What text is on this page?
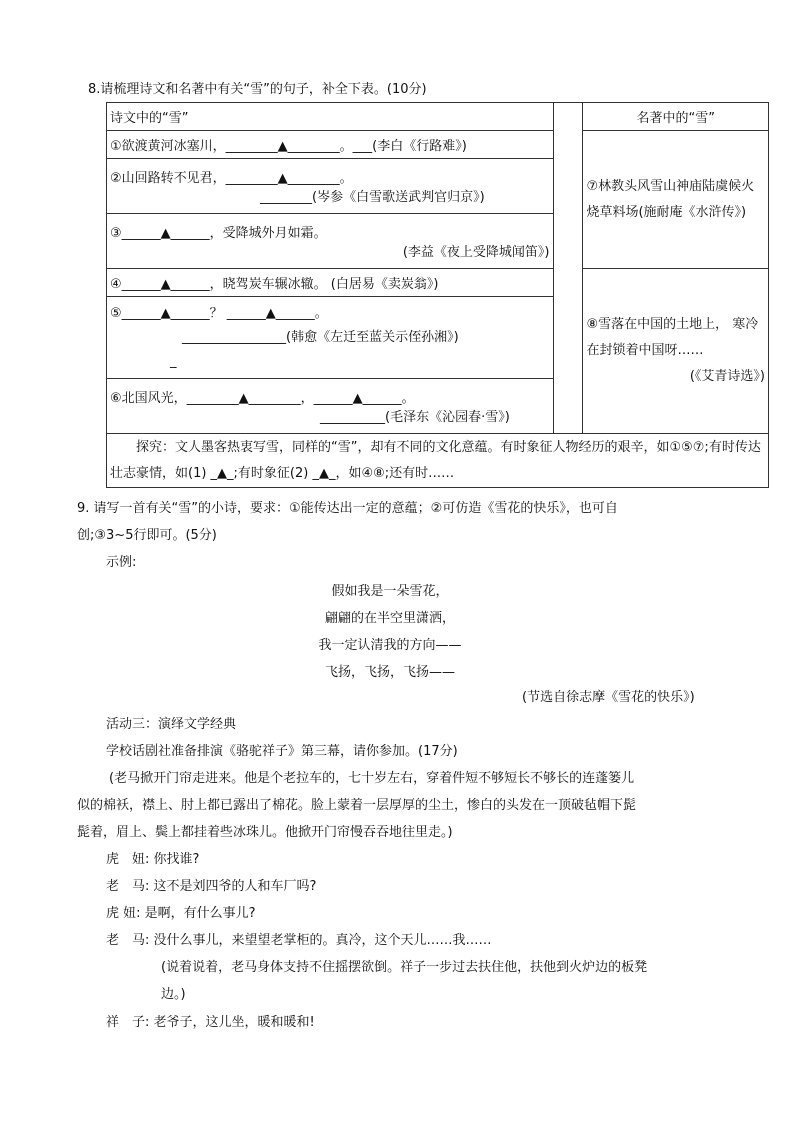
8.请梳理诗文和名著中有关“雪”的句子，补全下表。(10分)
诗文中的“雪”		名著中的“雪”
①欲渡黄河冰塞川，________▲________。___(李白《行路难》)		⑦林教头风雪山神庙陆虞候火烧草料场(施耐庵《水浒传》)

②山回路转不见君，________▲________。
________(岑参《白雪歌送武判官归京》)		

③______▲______，受降城外月如霜。
(李益《夜上受降城闻笛》)		

④______▲______，晓驾炭车辗冰辙。 (白居易《卖炭翁》)		⑧雪落在中国的土地上， 寒冷在封锁着中国呀……
(《艾青诗选》)

⑤______▲______？ ______▲______。
________________(韩愈《左迁至蓝关示侄孙湘》)
_		

⑥北国风光，________▲________，______▲______。
__________(毛泽东《沁园春·雪》)		

探究：文人墨客热衷写雪，同样的“雪”，却有不同的文化意蕴。有时象征人物经历的艰辛，如①⑤⑦;有时传达壮志豪情，如(1) _▲_;有时象征(2) _▲_，如④⑧;还有时……		
9. 请写一首有关“雪”的小诗，要求：①能传达出一定的意蕴；②可仿造《雪花的快乐》，也可自
创;③3~5行即可。(5分)
示例:
假如我是一朵雪花，
翩翩的在半空里潇洒，
我一定认清我的方向——
飞扬，飞扬，飞扬——
(节选自徐志摩《雪花的快乐》)
活动三：演绎文学经典
学校话剧社准备排演《骆驼祥子》第三幕，请你参加。(17分)
(老马掀开门帘走进来。他是个老拉车的，七十岁左右，穿着件短不够短长不够长的连蓬篓儿
似的棉袄，襟上、肘上都已露出了棉花。脸上蒙着一层厚厚的尘土，惨白的头发在一顶破毡帽下髭
髭着，眉上、鬓上都挂着些冰珠儿。他掀开门帘慢吞吞地往里走。)
虎　妞: 你找谁?
老　马: 这不是刘四爷的人和车厂吗?
虎 妞: 是啊，有什么事儿?
老　马: 没什么事儿，来望望老掌柜的。真冷，这个天儿……我……
(说着说着，老马身体支持不住摇摆欲倒。祥子一步过去扶住他，扶他到火炉边的板凳
边。)
祥　子: 老爷子，这儿坐，暖和暖和!
